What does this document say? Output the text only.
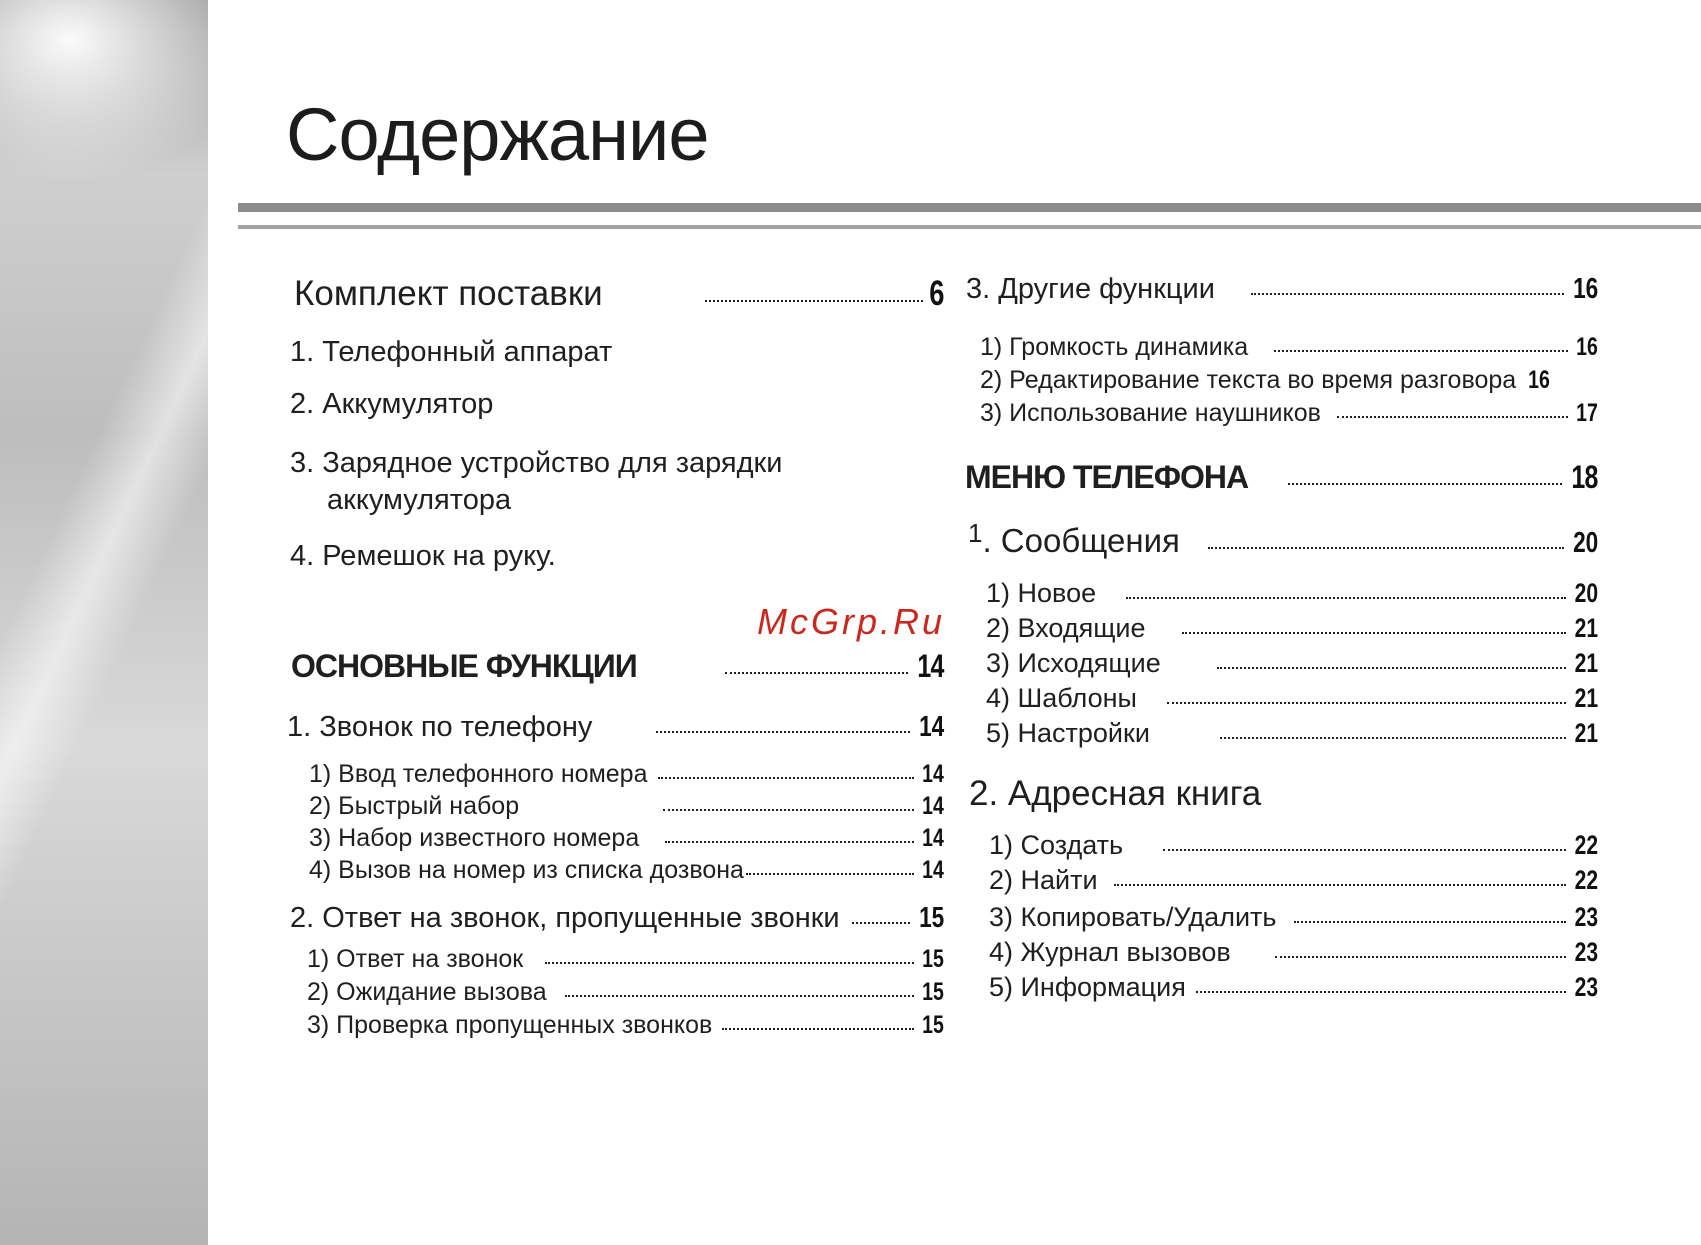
Содержание
Комплект поставки	6
1. Телефонный аппарат
2. Аккумулятор
3. Зарядное устройство для зарядки
аккумулятора
4. Ремешок на руку.
ОСНОВНЫЕ ФУНКЦИИ	14
1. Звонок по телефону	14
1) Ввод телефонного номера	14
2) Быстрый набор	14
3) Набор известного номера	14
4) Вызов на номер из списка дозвона	14
2. Ответ на звонок, пропущенные звонки	15
1) Ответ на звонок	15
2) Ожидание вызова	15
3) Проверка пропущенных звонков	15
3. Другие функции	16
1) Громкость динамика	16
2) Редактирование текста во время разговора 16
3) Использование наушников	17
МЕНЮ ТЕЛЕФОНА	18
1 . Сообщения	20
1) Новое	20
2) Входящие	21
3) Исходящие	21
4) Шаблоны	21
5) Настройки	21
2. Адресная книга
1) Создать	22
2) Найти	22
3) Копировать/Удалить	23
4) Журнал вызовов	23
5) Информация	23
McGrp.Ru
